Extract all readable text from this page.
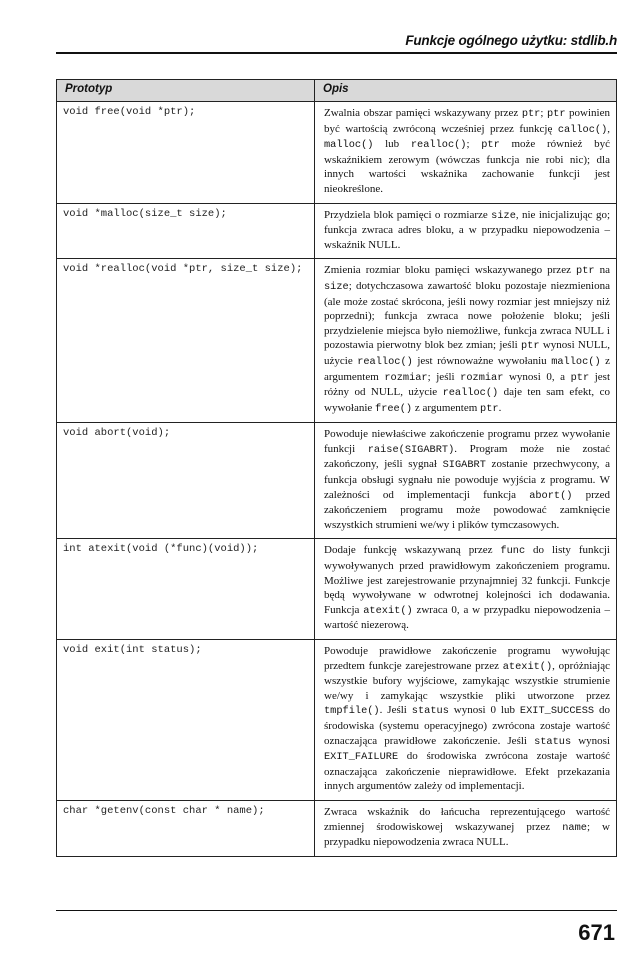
Funkcje ogólnego użytku: stdlib.h
Prototyp	Opis
void free(void *ptr);	Zwalnia obszar pamięci wskazywany przez ptr; ptr powinien być wartością zwróconą wcześniej przez funkcję calloc(), malloc() lub realloc(); ptr może również być wskaźnikiem zerowym (wówczas funkcja nie robi nic); dla innych wartości wskaźnika zachowanie funkcji jest nieokreślone.
void *malloc(size_t size);	Przydziela blok pamięci o rozmiarze size, nie inicjalizując go; funkcja zwraca adres bloku, a w przypadku niepowodzenia – wskaźnik NULL.
void *realloc(void *ptr, size_t size);	Zmienia rozmiar bloku pamięci wskazywanego przez ptr na size; dotychczasowa zawartość bloku pozostaje niezmieniona (ale może zostać skrócona, jeśli nowy rozmiar jest mniejszy niż poprzedni); funkcja zwraca nowe położenie bloku; jeśli przydzielenie miejsca było niemożliwe, funkcja zwraca NULL i pozostawia pierwotny blok bez zmian; jeśli ptr wynosi NULL, użycie realloc() jest równoważne wywołaniu malloc() z argumentem rozmiar; jeśli rozmiar wynosi 0, a ptr jest różny od NULL, użycie realloc() daje ten sam efekt, co wywołanie free() z argumentem ptr.
void abort(void);	Powoduje niewłaściwe zakończenie programu przez wywołanie funkcji raise(SIGABRT). Program może nie zostać zakończony, jeśli sygnał SIGABRT zostanie przechwycony, a funkcja obsługi sygnału nie powoduje wyjścia z programu. W zależności od implementacji funkcja abort() przed zakończeniem programu może powodować zamknięcie wszystkich strumieni we/wy i plików tymczasowych.
int atexit(void (*func)(void));	Dodaje funkcję wskazywaną przez func do listy funkcji wywoływanych przed prawidłowym zakończeniem programu. Możliwe jest zarejestrowanie przynajmniej 32 funkcji. Funkcje będą wywoływane w odwrotnej kolejności ich dodawania. Funkcja atexit() zwraca 0, a w przypadku niepowodzenia – wartość niezerową.
void exit(int status);	Powoduje prawidłowe zakończenie programu wywołując przedtem funkcje zarejestrowane przez atexit(), opróżniając wszystkie bufory wyjściowe, zamykając wszystkie strumienie we/wy i zamykając wszystkie pliki utworzone przez tmpfile(). Jeśli status wynosi 0 lub EXIT_SUCCESS do środowiska (systemu operacyjnego) zwrócona zostaje wartość oznaczająca prawidłowe zakończenie. Jeśli status wynosi EXIT_FAILURE do środowiska zwrócona zostaje wartość oznaczająca zakończenie nieprawidłowe. Efekt przekazania innych argumentów zależy od implementacji.
char *getenv(const char * name);	Zwraca wskaźnik do łańcucha reprezentującego wartość zmiennej środowiskowej wskazywanej przez name; w przypadku niepowodzenia zwraca NULL.
671
